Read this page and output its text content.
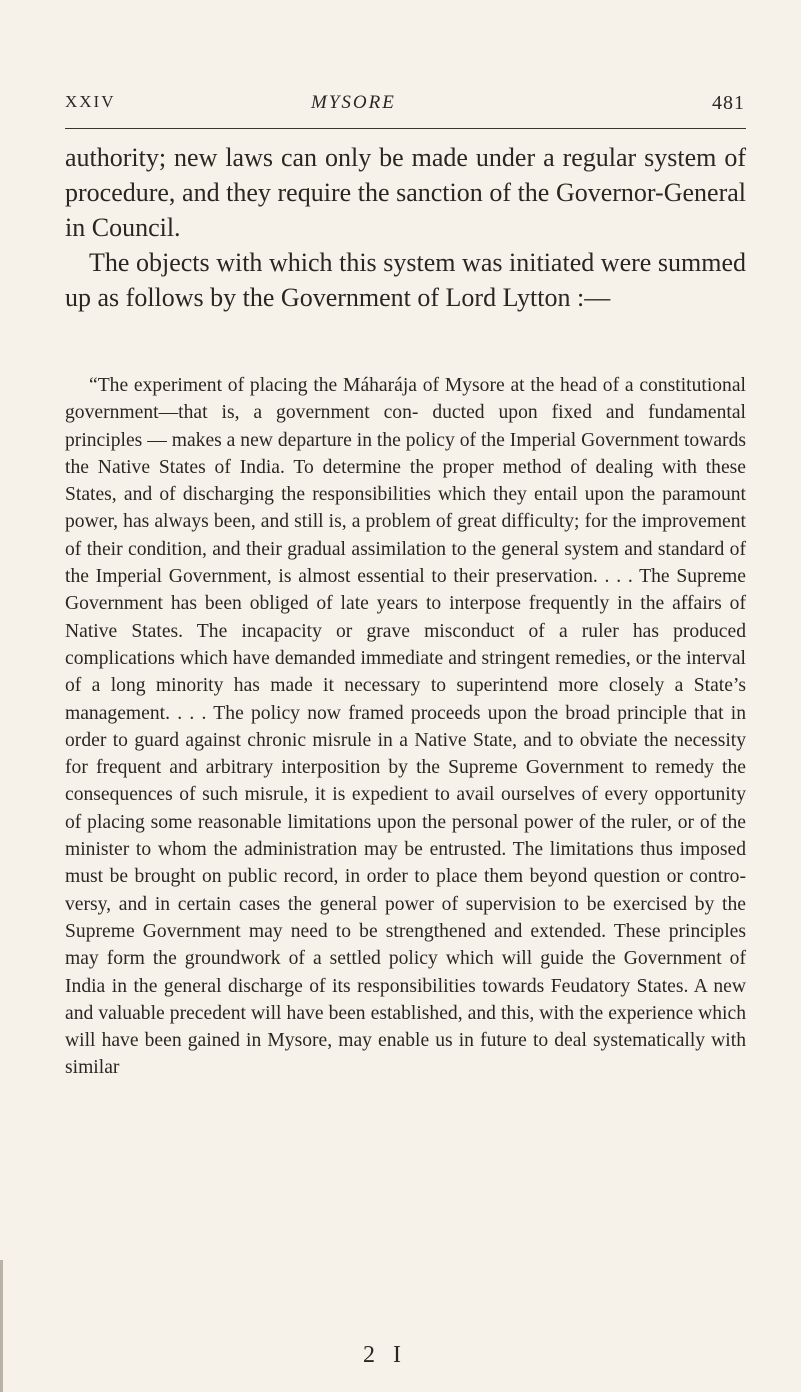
XXIV	MYSORE	481

authority; new laws can only be made under a regular system of procedure, and they require the sanction of the Governor-General in Council.

The objects with which this system was initiated were summed up as follows by the Government of Lord Lytton :—

“The experiment of placing the Máharája of Mysore at the head of a constitutional government—that is, a government con- ducted upon fixed and fundamental principles — makes a new departure in the policy of the Imperial Government towards the Native States of India. To determine the proper method of dealing with these States, and of discharging the responsibilities which they entail upon the paramount power, has always been, and still is, a problem of great difficulty; for the improvement of their condition, and their gradual assimilation to the general system and standard of the Imperial Government, is almost essential to their preservation. . . . The Supreme Government has been obliged of late years to interpose frequently in the affairs of Native States. The incapacity or grave misconduct of a ruler has produced complications which have demanded immediate and stringent remedies, or the interval of a long minority has made it necessary to superintend more closely a State’s management. . . . The policy now framed proceeds upon the broad principle that in order to guard against chronic misrule in a Native State, and to obviate the necessity for frequent and arbitrary interposition by the Supreme Government to remedy the consequences of such misrule, it is expedient to avail ourselves of every opportunity of placing some reasonable limitations upon the personal power of the ruler, or of the minister to whom the administration may be entrusted. The limitations thus imposed must be brought on public record, in order to place them beyond question or contro- versy, and in certain cases the general power of supervision to be exercised by the Supreme Government may need to be strengthened and extended. These principles may form the groundwork of a settled policy which will guide the Government of India in the general discharge of its responsibilities towards Feudatory States. A new and valuable precedent will have been established, and this, with the experience which will have been gained in Mysore, may enable us in future to deal systematically with similar

2 I
